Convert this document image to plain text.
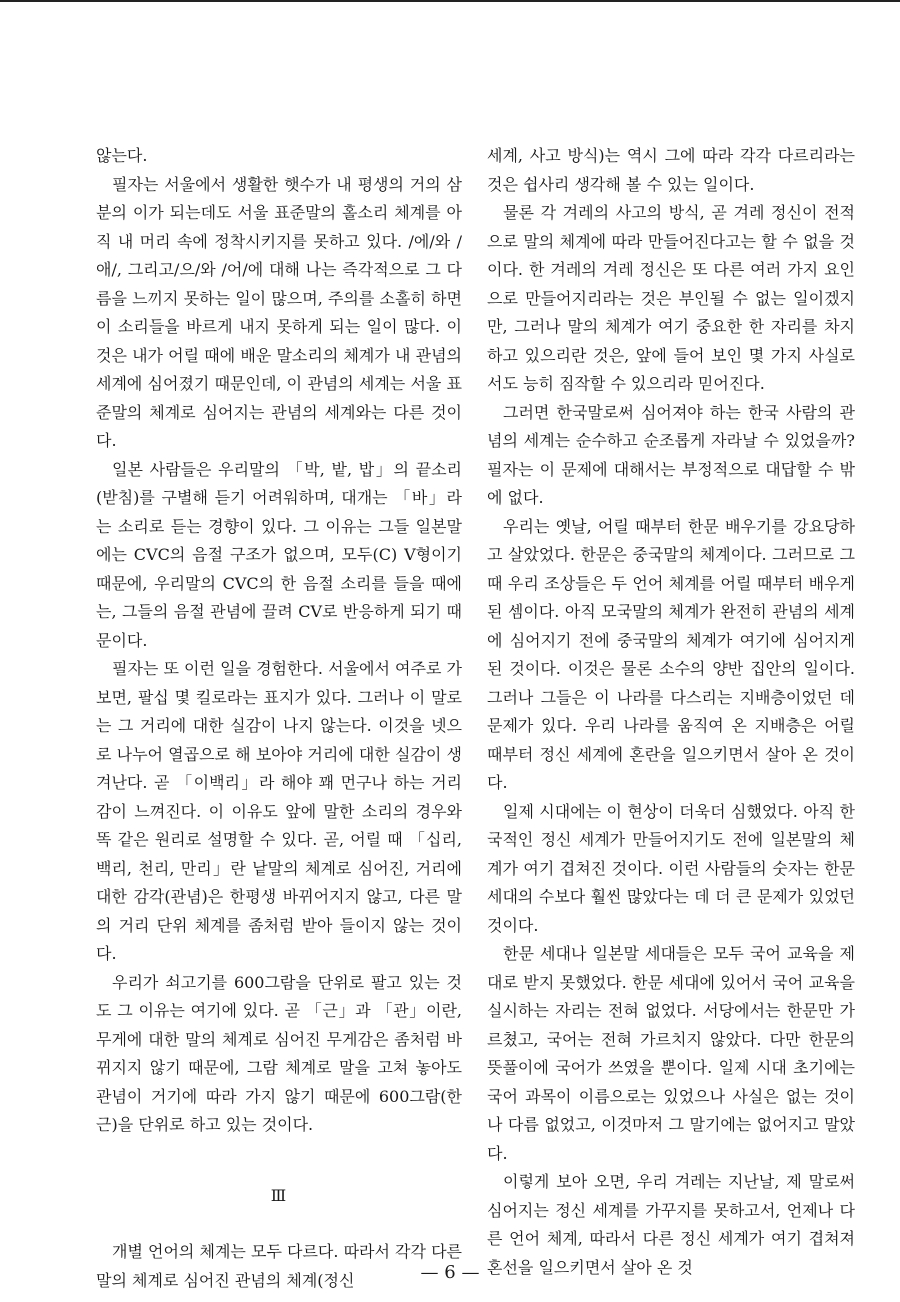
않는다.

필자는 서울에서 생활한 햇수가 내 평생의 거의 삼분의 이가 되는데도 서울 표준말의 홀소리 체계를 아직 내 머리 속에 정착시키지를 못하고 있다. /에/와 /애/, 그리고/으/와 /어/에 대해 나는 즉각적으로 그 다름을 느끼지 못하는 일이 많으며, 주의를 소홀히 하면 이 소리들을 바르게 내지 못하게 되는 일이 많다. 이것은 내가 어릴 때에 배운 말소리의 체계가 내 관념의 세계에 심어졌기 때문인데, 이 관념의 세계는 서울 표준말의 체계로 심어지는 관념의 세계와는 다른 것이다.

일본 사람들은 우리말의 「박, 밭, 밥」의 끝소리(받침)를 구별해 듣기 어려워하며, 대개는 「바」라는 소리로 듣는 경향이 있다. 그 이유는 그들 일본말에는 CVC의 음절 구조가 없으며, 모두(C) V형이기 때문에, 우리말의 CVC의 한 음절 소리를 들을 때에는, 그들의 음절 관념에 끌려 CV로 반응하게 되기 때문이다.

필자는 또 이런 일을 경험한다. 서울에서 여주로 가 보면, 팔십 몇 킬로라는 표지가 있다. 그러나 이 말로는 그 거리에 대한 실감이 나지 않는다. 이것을 넷으로 나누어 열곱으로 해 보아야 거리에 대한 실감이 생겨난다. 곧 「이백리」라 해야 꽤 먼구나 하는 거리감이 느껴진다. 이 이유도 앞에 말한 소리의 경우와 똑 같은 원리로 설명할 수 있다. 곧, 어릴 때 「십리, 백리, 천리, 만리」란 낱말의 체계로 심어진, 거리에 대한 감각(관념)은 한평생 바뀌어지지 않고, 다른 말의 거리 단위 체계를 좀처럼 받아 들이지 않는 것이다.

우리가 쇠고기를 600그람을 단위로 팔고 있는 것도 그 이유는 여기에 있다. 곧 「근」과 「관」이란, 무게에 대한 말의 체계로 심어진 무게감은 좀처럼 바뀌지지 않기 때문에, 그람 체계로 말을 고쳐 놓아도 관념이 거기에 따라 가지 않기 때문에 600그람(한 근)을 단위로 하고 있는 것이다.

Ⅲ

개별 언어의 체계는 모두 다르다. 따라서 각각 다른 말의 체계로 심어진 관념의 체계(정신

세계, 사고 방식)는 역시 그에 따라 각각 다르리라는 것은 쉽사리 생각해 볼 수 있는 일이다.

물론 각 겨레의 사고의 방식, 곧 겨레 정신이 전적으로 말의 체계에 따라 만들어진다고는 할 수 없을 것이다. 한 겨레의 겨레 정신은 또 다른 여러 가지 요인으로 만들어지리라는 것은 부인될 수 없는 일이겠지만, 그러나 말의 체계가 여기 중요한 한 자리를 차지하고 있으리란 것은, 앞에 들어 보인 몇 가지 사실로서도 능히 짐작할 수 있으리라 믿어진다.

그러면 한국말로써 심어져야 하는 한국 사람의 관념의 세계는 순수하고 순조롭게 자라날 수 있었을까? 필자는 이 문제에 대해서는 부정적으로 대답할 수 밖에 없다.

우리는 옛날, 어릴 때부터 한문 배우기를 강요당하고 살았었다. 한문은 중국말의 체계이다. 그러므로 그 때 우리 조상들은 두 언어 체계를 어릴 때부터 배우게 된 셈이다. 아직 모국말의 체계가 완전히 관념의 세계에 심어지기 전에 중국말의 체계가 여기에 심어지게 된 것이다. 이것은 물론 소수의 양반 집안의 일이다. 그러나 그들은 이 나라를 다스리는 지배층이었던 데 문제가 있다. 우리 나라를 움직여 온 지배층은 어릴 때부터 정신 세계에 혼란을 일으키면서 살아 온 것이다.

일제 시대에는 이 현상이 더욱더 심했었다. 아직 한국적인 정신 세계가 만들어지기도 전에 일본말의 체계가 여기 겹쳐진 것이다. 이런 사람들의 숫자는 한문 세대의 수보다 훨씬 많았다는 데 더 큰 문제가 있었던 것이다.

한문 세대나 일본말 세대들은 모두 국어 교육을 제대로 받지 못했었다. 한문 세대에 있어서 국어 교육을 실시하는 자리는 전혀 없었다. 서당에서는 한문만 가르쳤고, 국어는 전혀 가르치지 않았다. 다만 한문의 뜻풀이에 국어가 쓰였을 뿐이다. 일제 시대 초기에는 국어 과목이 이름으로는 있었으나 사실은 없는 것이나 다름 없었고, 이것마저 그 말기에는 없어지고 말았다.

이렇게 보아 오면, 우리 겨레는 지난날, 제 말로써 심어지는 정신 세계를 가꾸지를 못하고서, 언제나 다른 언어 체계, 따라서 다른 정신 세계가 여기 겹쳐져 혼선을 일으키면서 살아 온 것

— 6 —
